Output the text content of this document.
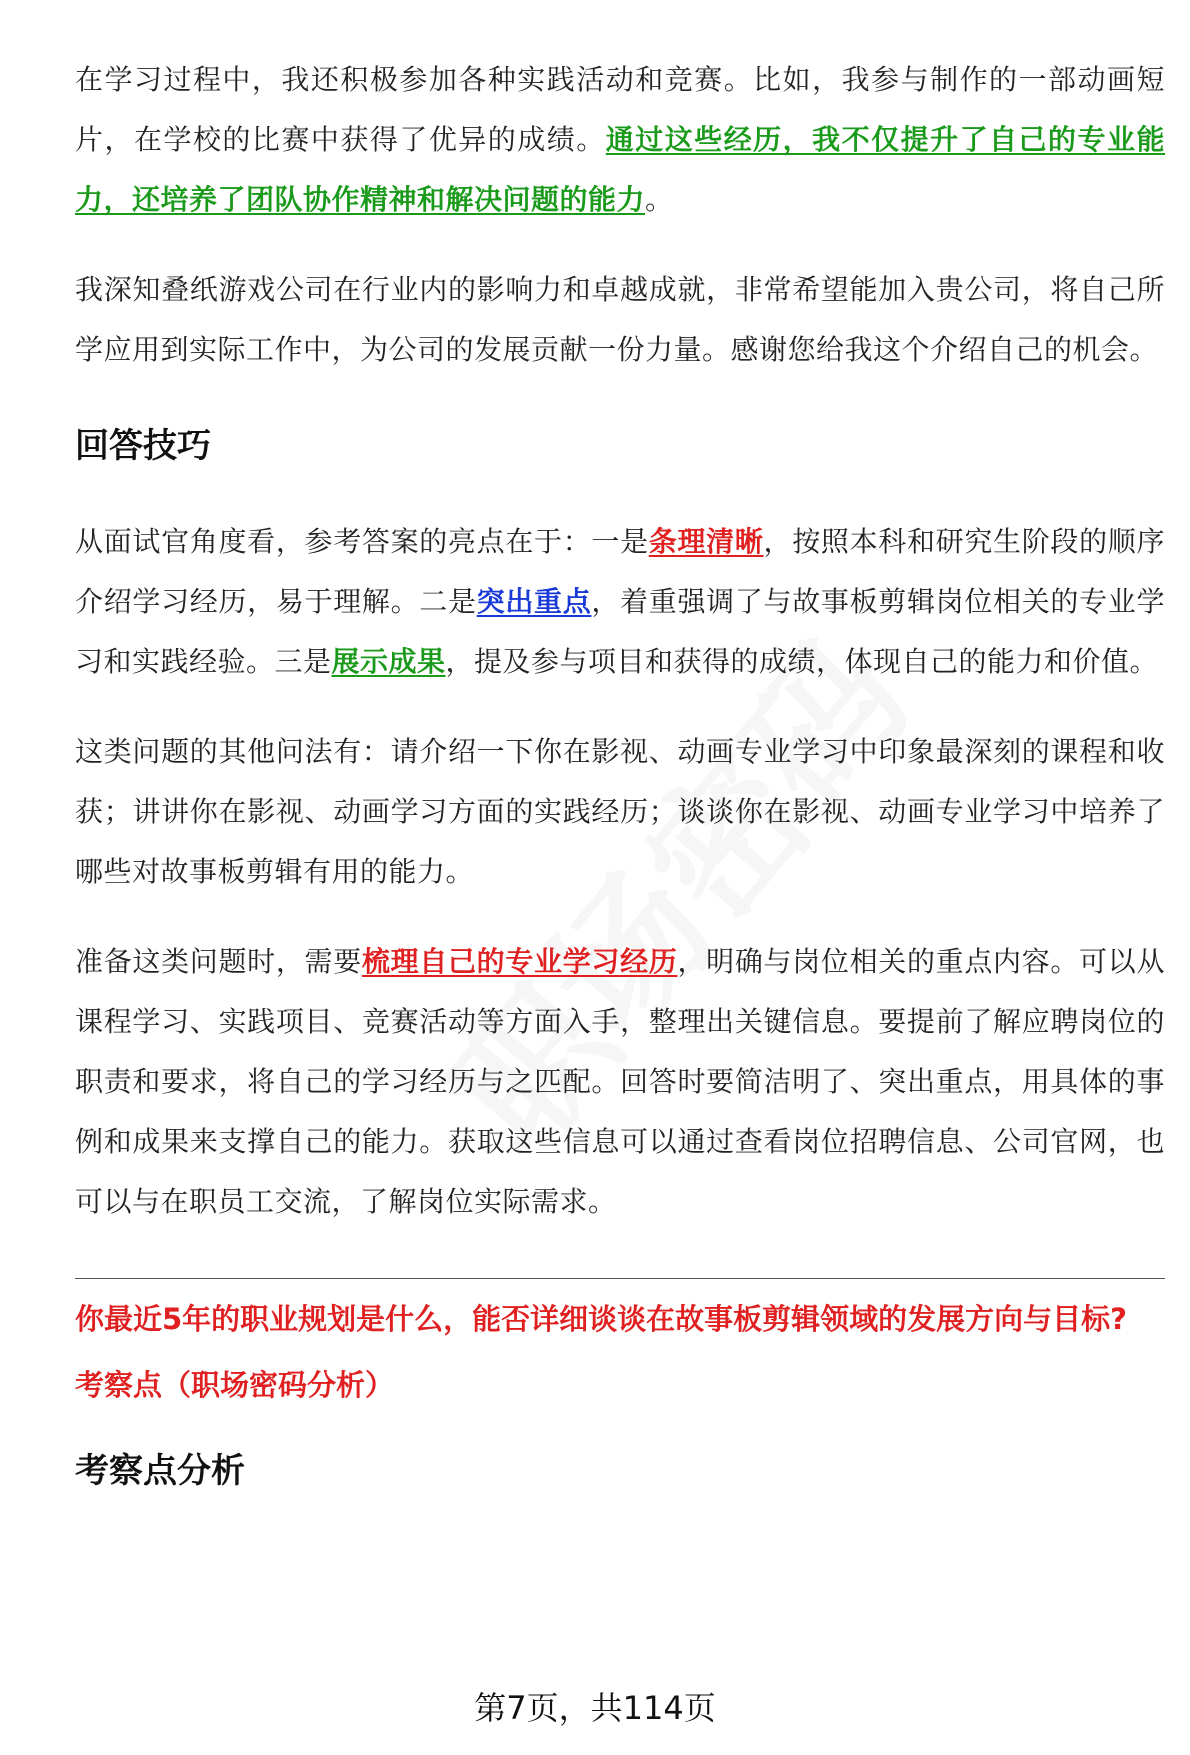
在学习过程中，我还积极参加各种实践活动和竞赛。比如，我参与制作的一部动画短片，在学校的比赛中获得了优异的成绩。通过这些经历，我不仅提升了自己的专业能力，还培养了团队协作精神和解决问题的能力。

我深知叠纸游戏公司在行业内的影响力和卓越成就，非常希望能加入贵公司，将自己所学应用到实际工作中，为公司的发展贡献一份力量。感谢您给我这个介绍自己的机会。

回答技巧

从面试官角度看，参考答案的亮点在于：一是条理清晰，按照本科和研究生阶段的顺序介绍学习经历，易于理解。二是突出重点，着重强调了与故事板剪辑岗位相关的专业学习和实践经验。三是展示成果，提及参与项目和获得的成绩，体现自己的能力和价值。

这类问题的其他问法有：请介绍一下你在影视、动画专业学习中印象最深刻的课程和收获；讲讲你在影视、动画学习方面的实践经历；谈谈你在影视、动画专业学习中培养了哪些对故事板剪辑有用的能力。

准备这类问题时，需要梳理自己的专业学习经历，明确与岗位相关的重点内容。可以从课程学习、实践项目、竞赛活动等方面入手，整理出关键信息。要提前了解应聘岗位的职责和要求，将自己的学习经历与之匹配。回答时要简洁明了、突出重点，用具体的事例和成果来支撑自己的能力。获取这些信息可以通过查看岗位招聘信息、公司官网，也可以与在职员工交流，了解岗位实际需求。

你最近5年的职业规划是什么，能否详细谈谈在故事板剪辑领域的发展方向与目标?

考察点（职场密码分析）

考察点分析
第7页，共114页
